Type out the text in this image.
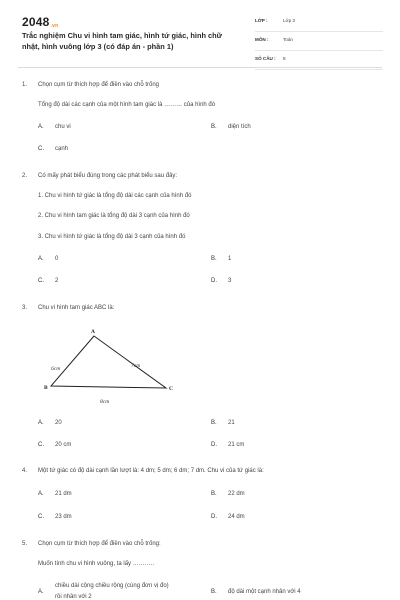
2048.vn
Trắc nghiệm Chu vi hình tam giác, hình tứ giác, hình chữ nhật, hình vuông lớp 3 (có đáp án - phần 1)
LỚP :	Lớp 3
MÔN :	Toán
SỐ CÂU : 8
1. Chọn cụm từ thích hợp để điền vào chỗ trống
Tổng độ dài các cạnh của một hình tam giác là ……… của hình đó
A. chu vi	B. diện tích
C. cạnh
2. Có mấy phát biểu đúng trong các phát biểu sau đây:
1. Chu vi hình tứ giác là tổng độ dài các cạnh của hình đó
2. Chu vi hình tam giác là tổng độ dài 3 cạnh của hình đó
3. Chu vi hình tứ giác là tổng độ dài 3 cạnh của hình đó
A. 0	B. 1
C. 2	D. 3
3. Chu vi hình tam giác ABC là:
A
B	C
6cm	7cm
8cm
A. 20	B. 21
C. 20 cm	D. 21 cm
4. Một tứ giác có độ dài cạnh lần lượt là: 4 dm; 5 dm; 6 dm; 7 dm. Chu vi của tứ giác là:
A. 21 dm	B. 22 dm
C. 23 dm	D. 24 dm
5. Chọn cụm từ thích hợp để điền vào chỗ trống:
Muốn tính chu vi hình vuông, ta lấy ………..
A.
chiều dài cộng chiều rộng (cùng đơn vị đo)
rồi nhân với 2
B. độ dài một cạnh nhân với 4
